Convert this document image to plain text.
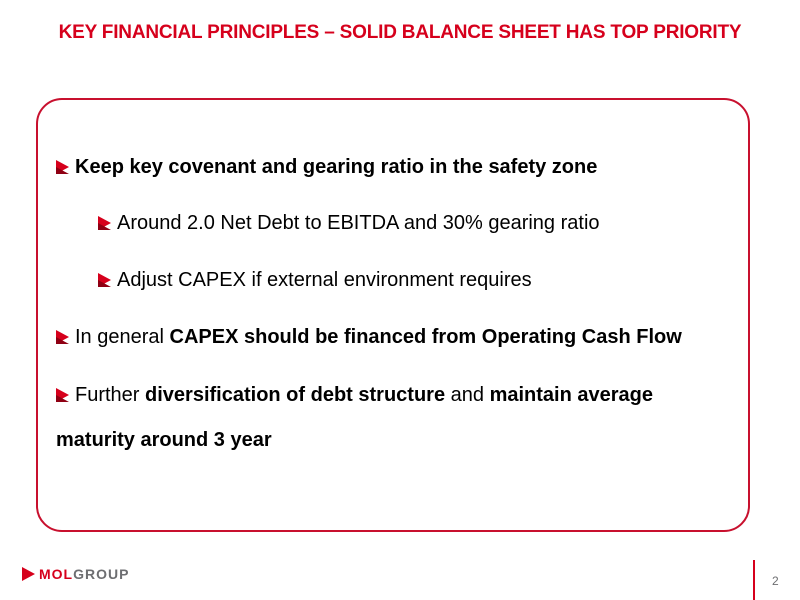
KEY FINANCIAL PRINCIPLES – SOLID BALANCE SHEET HAS TOP PRIORITY
Keep key covenant and gearing ratio in the safety zone
Around 2.0 Net Debt to EBITDA and 30% gearing ratio
Adjust CAPEX if external environment requires
In general CAPEX should be financed from Operating Cash Flow
Further diversification of debt structure and maintain average
maturity around 3 year
MOLGROUP	2
